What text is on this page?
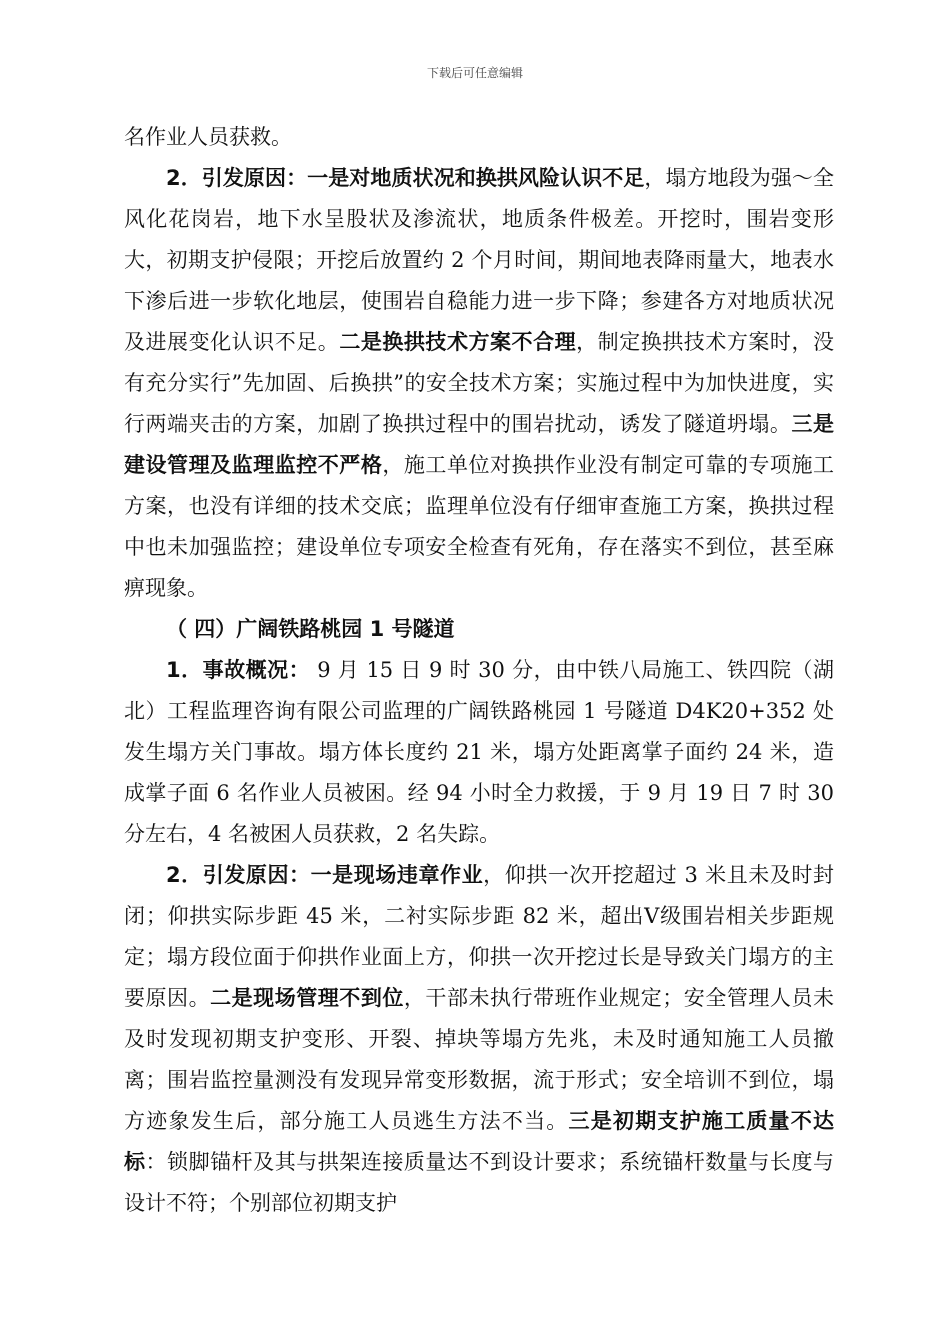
下载后可任意编辑

名作业人员获救。

2．引发原因：一是对地质状况和换拱风险认识不足，塌方地段为强～全风化花岗岩，地下水呈股状及渗流状，地质条件极差。开挖时，围岩变形大，初期支护侵限；开挖后放置约 2 个月时间，期间地表降雨量大，地表水下渗后进一步软化地层，使围岩自稳能力进一步下降；参建各方对地质状况及进展变化认识不足。二是换拱技术方案不合理，制定换拱技术方案时，没有充分实行”先加固、后换拱”的安全技术方案；实施过程中为加快进度，实行两端夹击的方案，加剧了换拱过程中的围岩扰动，诱发了隧道坍塌。三是建设管理及监理监控不严格，施工单位对换拱作业没有制定可靠的专项施工方案，也没有详细的技术交底；监理单位没有仔细审查施工方案，换拱过程中也未加强监控；建设单位专项安全检查有死角，存在落实不到位，甚至麻痹现象。

（ 四）广阔铁路桃园 1 号隧道

1．事故概况： 9 月 15 日 9 时 30 分，由中铁八局施工、铁四院（湖北）工程监理咨询有限公司监理的广阔铁路桃园 1 号隧道 D4K20+352 处发生塌方关门事故。塌方体长度约 21 米，塌方处距离掌子面约 24 米，造成掌子面 6 名作业人员被困。经 94 小时全力救援，于 9 月 19 日 7 时 30 分左右，4 名被困人员获救，2 名失踪。

2．引发原因：一是现场违章作业，仰拱一次开挖超过 3 米且未及时封闭；仰拱实际步距 45 米，二衬实际步距 82 米，超出Ⅴ级围岩相关步距规定；塌方段位面于仰拱作业面上方，仰拱一次开挖过长是导致关门塌方的主要原因。二是现场管理不到位，干部未执行带班作业规定；安全管理人员未及时发现初期支护变形、开裂、掉块等塌方先兆，未及时通知施工人员撤离；围岩监控量测没有发现异常变形数据，流于形式；安全培训不到位，塌方迹象发生后，部分施工人员逃生方法不当。三是初期支护施工质量不达标：锁脚锚杆及其与拱架连接质量达不到设计要求；系统锚杆数量与长度与设计不符；个别部位初期支护
